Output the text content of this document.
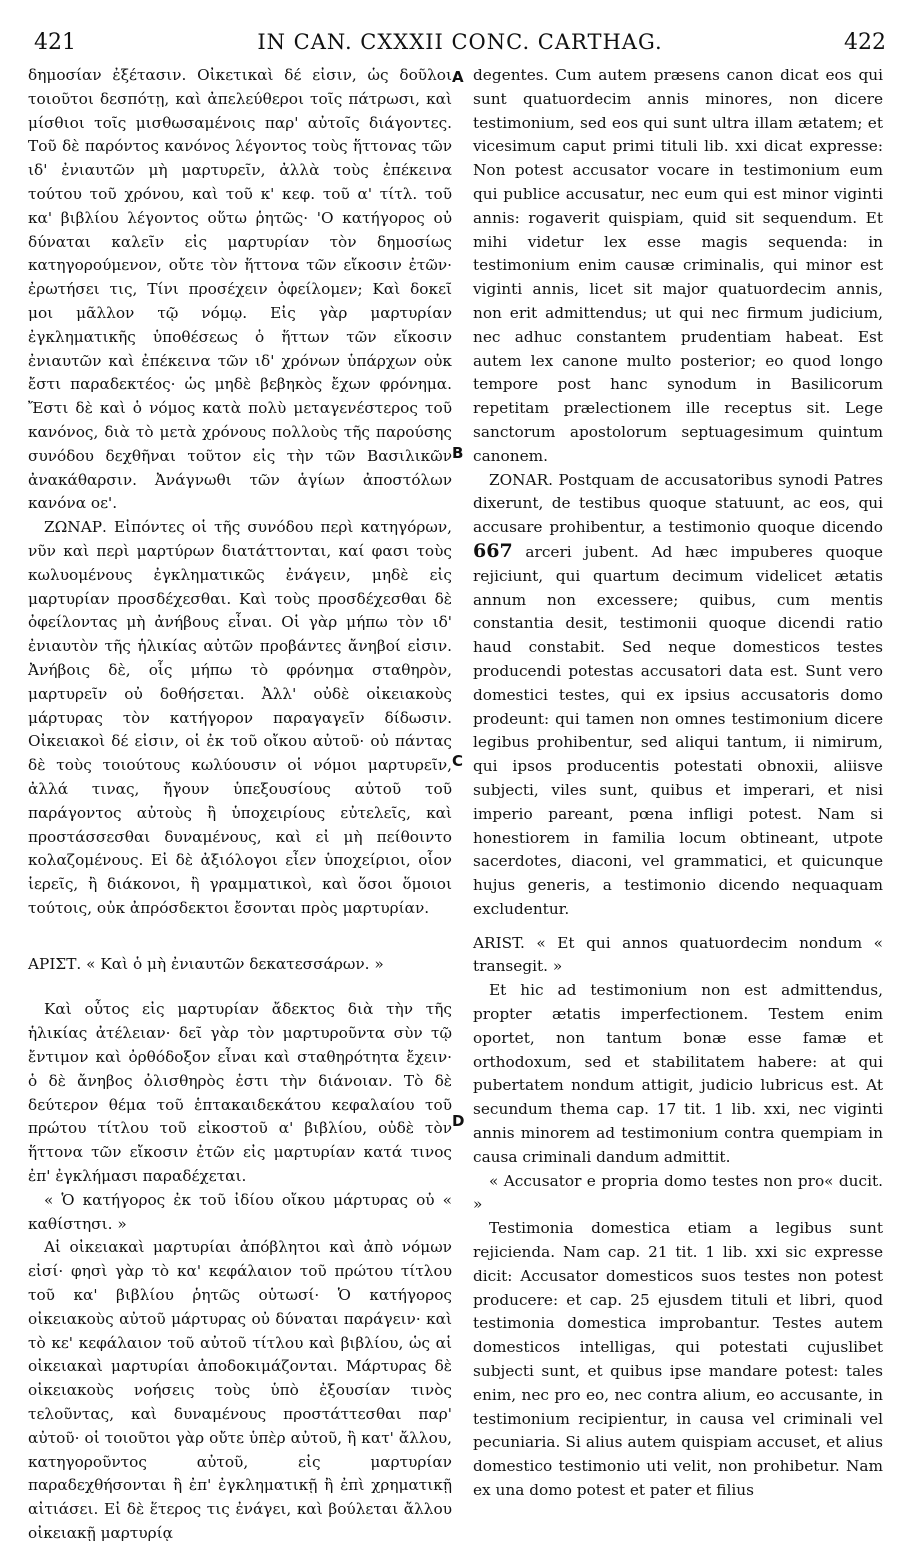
421	IN CAN. CXXXII CONC. CARTHAG.	422
A
B
C
D

δημοσίαν ἐξέτασιν. Οἰκετικαὶ δέ εἰσιν, ὡς δοῦλοι τοιοῦτοι δεσπότῃ, καὶ ἀπελεύθεροι τοῖς πάτρωσι, καὶ μίσθιοι τοῖς μισθωσαμένοις παρ' αὐτοῖς διάγοντες. Τοῦ δὲ παρόντος κανόνος λέγοντος τοὺς ἥττονας τῶν ιδ' ἐνιαυτῶν μὴ μαρτυρεῖν, ἀλλὰ τοὺς ἐπέκεινα τούτου τοῦ χρόνου, καὶ τοῦ κ' κεφ. τοῦ α' τίτλ. τοῦ κα' βιβλίου λέγοντος οὕτω ῥητῶς· 'Ο κατήγορος οὐ δύναται καλεῖν εἰς μαρτυρίαν τὸν δημοσίως κατηγορούμενον, οὔτε τὸν ἥττονα τῶν εἴκοσιν ἐτῶν· ἐρωτήσει τις, Τίνι προσέχειν ὀφείλομεν; Καὶ δοκεῖ μοι μᾶλλον τῷ νόμῳ. Εἰς γὰρ μαρτυρίαν ἐγκληματικῆς ὑποθέσεως ὁ ἥττων τῶν εἴκοσιν ἐνιαυτῶν καὶ ἐπέκεινα τῶν ιδ' χρόνων ὑπάρχων οὐκ ἔστι παραδεκτέος· ὡς μηδὲ βεβηκὸς ἔχων φρόνημα. Ἔστι δὲ καὶ ὁ νόμος κατὰ πολὺ μεταγενέστερος τοῦ κανόνος, διὰ τὸ μετὰ χρόνους πολλοὺς τῆς παρούσης συνόδου δεχθῆναι τοῦτον εἰς τὴν τῶν Βασιλικῶν ἀνακάθαρσιν. Ἀνάγνωθι τῶν ἁγίων ἀποστόλων κανόνα οε'.

ΖΩΝΑΡ. Εἰπόντες οἱ τῆς συνόδου περὶ κατηγόρων, νῦν καὶ περὶ μαρτύρων διατάττονται, καί φασι τοὺς κωλυομένους ἐγκληματικῶς ἐνάγειν, μηδὲ εἰς μαρτυρίαν προσδέχεσθαι. Καὶ τοὺς προσδέχεσθαι δὲ ὀφείλοντας μὴ ἀνήβους εἶναι. Οἱ γὰρ μήπω τὸν ιδ' ἐνιαυτὸν τῆς ἡλικίας αὐτῶν προβάντες ἄνηβοί εἰσιν. Ἀνήβοις δὲ, οἷς μήπω τὸ φρόνημα σταθηρὸν, μαρτυρεῖν οὐ δοθήσεται. Ἀλλ' οὐδὲ οἰκειακοὺς μάρτυρας τὸν κατήγορον παραγαγεῖν δίδωσιν. Οἰκειακοὶ δέ εἰσιν, οἱ ἐκ τοῦ οἴκου αὐτοῦ· οὐ πάντας δὲ τοὺς τοιούτους κωλύουσιν οἱ νόμοι μαρτυρεῖν, ἀλλά τινας, ἤγουν ὑπεξουσίους αὐτοῦ τοῦ παράγοντος αὐτοὺς ἢ ὑποχειρίους εὐτελεῖς, καὶ προστάσσεσθαι δυναμένους, καὶ εἰ μὴ πείθοιντο κολαζομένους. Εἰ δὲ ἀξιόλογοι εἶεν ὑποχείριοι, οἷον ἱερεῖς, ἢ διάκονοι, ἢ γραμματικοὶ, καὶ ὅσοι ὅμοιοι τούτοις, οὐκ ἀπρόσδεκτοι ἔσονται πρὸς μαρτυρίαν.

ΑΡΙΣΤ. « Καὶ ὁ μὴ ἐνιαυτῶν δεκατεσσάρων. »

Καὶ οὗτος εἰς μαρτυρίαν ἄδεκτος διὰ τὴν τῆς ἡλικίας ἀτέλειαν· δεῖ γὰρ τὸν μαρτυροῦντα σὺν τῷ ἔντιμον καὶ ὀρθόδοξον εἶναι καὶ σταθηρότητα ἔχειν· ὁ δὲ ἄνηβος ὀλισθηρὸς ἐστι τὴν διάνοιαν. Τὸ δὲ δεύτερον θέμα τοῦ ἑπτακαιδεκάτου κεφαλαίου τοῦ πρώτου τίτλου τοῦ εἰκοστοῦ α' βιβλίου, οὐδὲ τὸν ἥττονα τῶν εἴκοσιν ἐτῶν εἰς μαρτυρίαν κατά τινος ἐπ' ἐγκλήμασι παραδέχεται.

« Ὁ κατήγορος ἐκ τοῦ ἰδίου οἴκου μάρτυρας οὐ « καθίστησι. »

Αἱ οἰκειακαὶ μαρτυρίαι ἀπόβλητοι καὶ ἀπὸ νόμων εἰσί· φησὶ γὰρ τὸ κα' κεφάλαιον τοῦ πρώτου τίτλου τοῦ κα' βιβλίου ῥητῶς οὑτωσί· Ὁ κατήγορος οἰκειακοὺς αὐτοῦ μάρτυρας οὐ δύναται παράγειν· καὶ τὸ κε' κεφάλαιον τοῦ αὐτοῦ τίτλου καὶ βιβλίου, ὡς αἱ οἰκειακαὶ μαρτυρίαι ἀποδοκιμάζονται. Μάρτυρας δὲ οἰκειακοὺς νοήσεις τοὺς ὑπὸ ἐξουσίαν τινὸς τελοῦντας, καὶ δυναμένους προστάττεσθαι παρ' αὐτοῦ· οἱ τοιοῦτοι γὰρ οὔτε ὑπὲρ αὐτοῦ, ἢ κατ' ἄλλου, κατηγοροῦντος αὐτοῦ, εἰς μαρτυρίαν παραδεχθήσονται ἢ ἐπ' ἐγκληματικῇ ἢ ἐπὶ χρηματικῇ αἰτιάσει. Εἰ δὲ ἕτερος τις ἐνάγει, καὶ βούλεται ἄλλου οἰκειακῇ μαρτυρίᾳ

degentes. Cum autem præsens canon dicat eos qui sunt quatuordecim annis minores, non dicere testimonium, sed eos qui sunt ultra illam ætatem; et vicesimum caput primi tituli lib. xxi dicat expresse: Non potest accusator vocare in testimonium eum qui publice accusatur, nec eum qui est minor viginti annis: rogaverit quispiam, quid sit sequendum. Et mihi videtur lex esse magis sequenda: in testimonium enim causæ criminalis, qui minor est viginti annis, licet sit major quatuordecim annis, non erit admittendus; ut qui nec firmum judicium, nec adhuc constantem prudentiam habeat. Est autem lex canone multo posterior; eo quod longo tempore post hanc synodum in Basilicorum repetitam prælectionem ille receptus sit. Lege sanctorum apostolorum septuagesimum quintum canonem.

ZONAR. Postquam de accusatoribus synodi Patres dixerunt, de testibus quoque statuunt, ac eos, qui accusare prohibentur, a testimonio quoque dicendo 667 arceri jubent. Ad hæc impuberes quoque rejiciunt, qui quartum decimum videlicet ætatis annum non excessere; quibus, cum mentis constantia desit, testimonii quoque dicendi ratio haud constabit. Sed neque domesticos testes producendi potestas accusatori data est. Sunt vero domestici testes, qui ex ipsius accusatoris domo prodeunt: qui tamen non omnes testimonium dicere legibus prohibentur, sed aliqui tantum, ii nimirum, qui ipsos producentis potestati obnoxii, aliisve subjecti, viles sunt, quibus et imperari, et nisi imperio pareant, pœna infligi potest. Nam si honestiorem in familia locum obtineant, utpote sacerdotes, diaconi, vel grammatici, et quicunque hujus generis, a testimonio dicendo nequaquam excludentur.

ARIST. « Et qui annos quatuordecim nondum « transegit. »

Et hic ad testimonium non est admittendus, propter ætatis imperfectionem. Testem enim oportet, non tantum bonæ esse famæ et orthodoxum, sed et stabilitatem habere: at qui pubertatem nondum attigit, judicio lubricus est. At secundum thema cap. 17 tit. 1 lib. xxi, nec viginti annis minorem ad testimonium contra quempiam in causa criminali dandum admittit.

« Accusator e propria domo testes non pro« ducit. »

Testimonia domestica etiam a legibus sunt rejicienda. Nam cap. 21 tit. 1 lib. xxi sic expresse dicit: Accusator domesticos suos testes non potest producere: et cap. 25 ejusdem tituli et libri, quod testimonia domestica improbantur. Testes autem domesticos intelligas, qui potestati cujuslibet subjecti sunt, et quibus ipse mandare potest: tales enim, nec pro eo, nec contra alium, eo accusante, in testimonium recipientur, in causa vel criminali vel pecuniaria. Si alius autem quispiam accuset, et alius domestico testimonio uti velit, non prohibetur. Nam ex una domo potest et pater et filius
